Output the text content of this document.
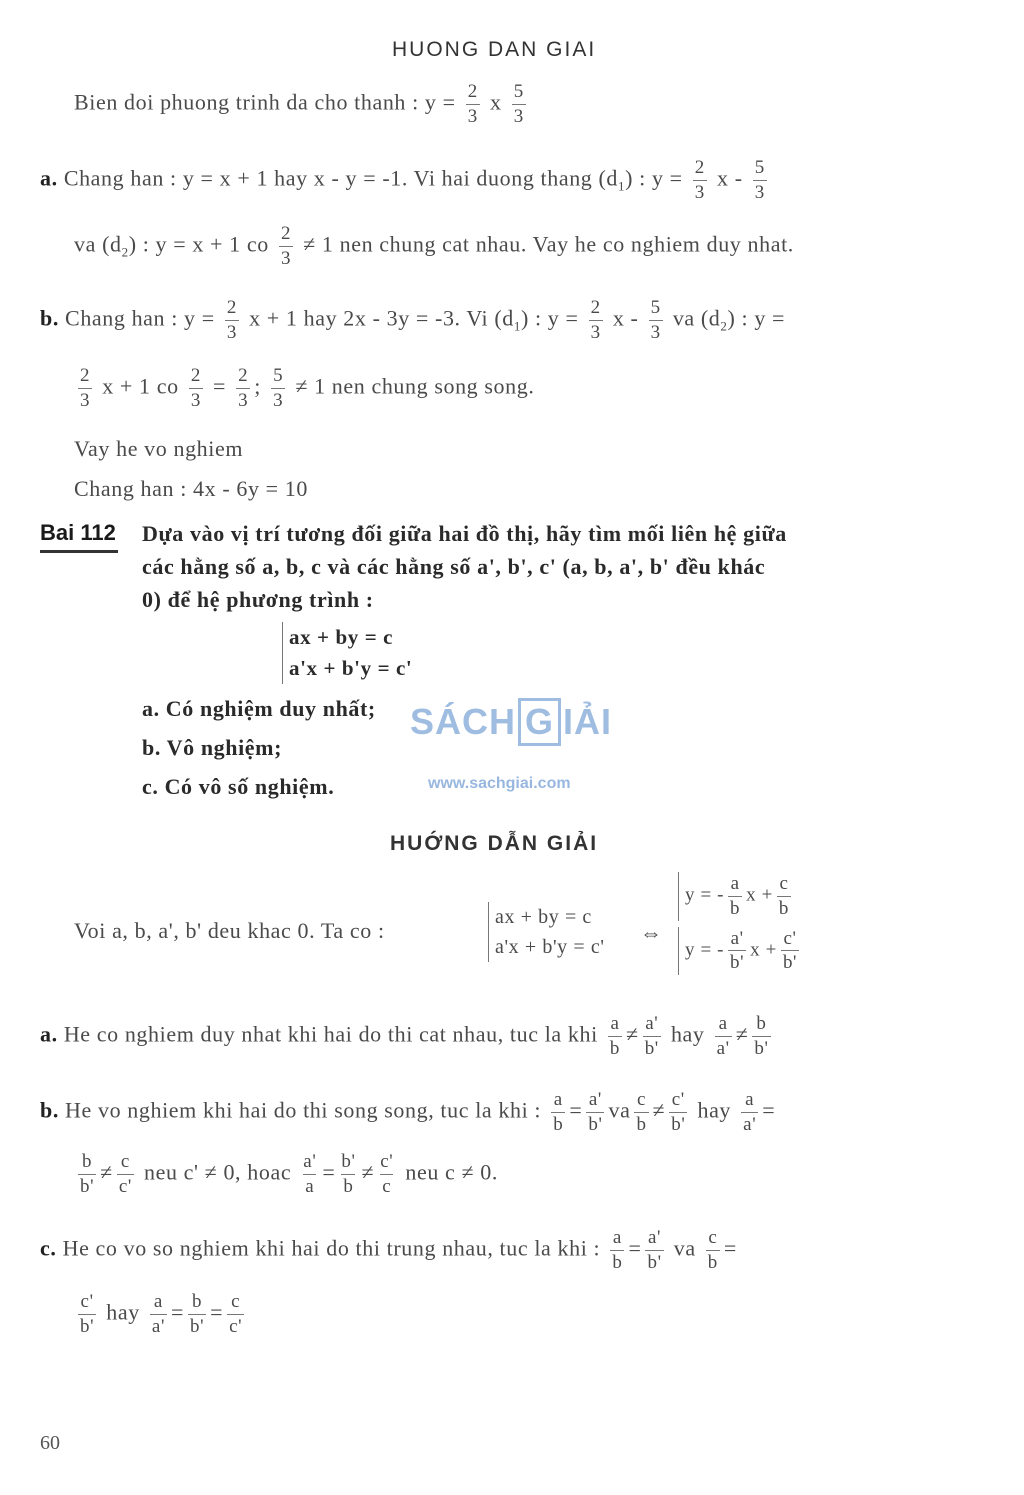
HUONG DAN GIAI
Bien doi phuong trinh da cho thanh : $y = \frac{2}{3}$ x $\frac{5}{3}$
a. Chang han : y = x + 1 hay x - y = -1. Vi hai duong thang $(d_1)$ : $y = \frac{2}{3}$ x - $\frac{5}{3}$
va $(d_2)$ : y = x + 1 co $\frac{2}{3} \ne 1$ nen chung cat nhau. Vay he co nghiem duy nhat.
b. Chang han : $y = \frac{2}{3}$ x + 1 hay 2x - 3y = -3. Vi $(d_1)$ : $y = \frac{2}{3}$ x - $\frac{5}{3}$ va $(d_2)$ : y =
$\frac{2}{3}$ x + 1 co $\frac{2}{3} = \frac{2}{3}$ ; $\frac{5}{3} \ne 1$ nen chung song song.
Vay he vo nghiem
Chang han : 4x - 6y = 10
Bai 112 Dựa vào vị trí tương đối giữa hai đồ thị, hãy tìm mối liên hệ giữa
các hằng số a, b, c và các hằng số a', b', c' (a, b, a', b' đều khác
0) để hệ phương trình :
ax + by = c
a'x + b'y = c'
a. Có nghiệm duy nhất;
b. Vô nghiệm;
c. Có vô số nghiệm.
SÁCH G IẢI
www.sachgiai.com
HUỚNG DẪN GIẢI
Voi a, b, a', b' deu khac 0. Ta co :
ax + by = c
a'x + b'y = c'
⇔
y = - $\frac{a}{b}$ $x + \frac{c}{b}$
y = - $\frac{a'}{b'}$ $x + \frac{c'}{b'}$
a. He co nghiem duy nhat khi hai do thi cat nhau, tuc la khi $\frac{a}{b} \ne \frac{a'}{b'}$ hay $\frac{a}{a'} \ne \frac{b}{b'}$
b. He vo nghiem khi hai do thi song song, tuc la khi : $\frac{a}{b} = \frac{a'}{b'}$ va $\frac{c}{b} \ne \frac{c'}{b'}$ hay $\frac{a}{a'}$ =
$\frac{b}{b'} \ne \frac{c}{c'}$ neu c' ≠ 0, hoac $\frac{a'}{a} = \frac{b'}{b} \ne \frac{c'}{c}$ neu c ≠ 0.
c. He co vo so nghiem khi hai do thi trung nhau, tuc la khi : $\frac{a}{b} = \frac{a'}{b'}$ va $\frac{c}{b}$ =
$\frac{c'}{b'}$ hay $\frac{a}{a'} = \frac{b}{b'} = \frac{c}{c'}$
60
